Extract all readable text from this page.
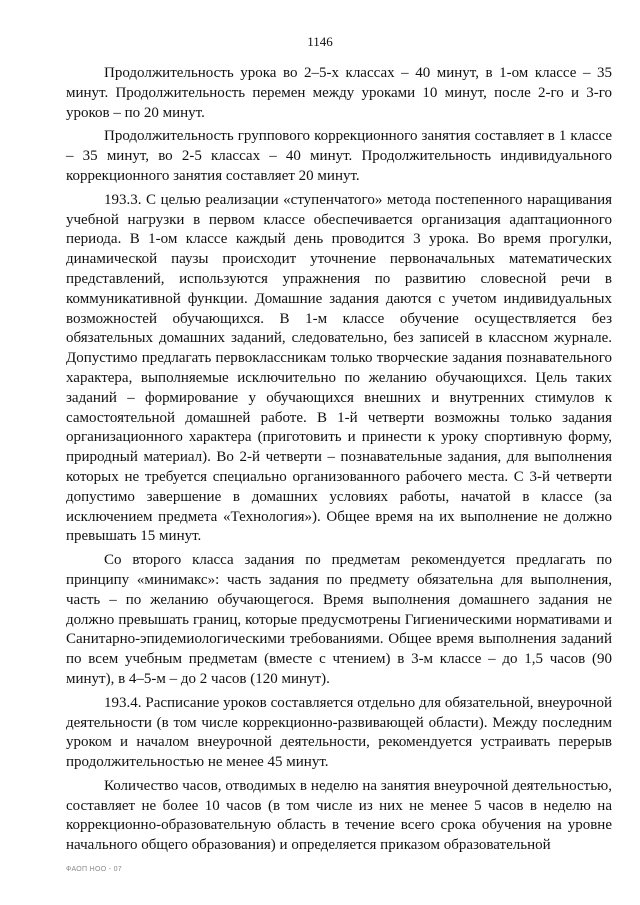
1146

Продолжительность урока во 2–5-х классах – 40 минут, в 1-ом классе – 35 минут. Продолжительность перемен между уроками 10 минут, после 2-го и 3-го уроков – по 20 минут.

Продолжительность группового коррекционного занятия составляет в 1 классе – 35 минут, во 2-5 классах – 40 минут. Продолжительность индивидуального коррекционного занятия составляет 20 минут.

193.3. С целью реализации «ступенчатого» метода постепенного наращивания учебной нагрузки в первом классе обеспечивается организация адаптационного периода. В 1-ом классе каждый день проводится 3 урока. Во время прогулки, динамической паузы происходит уточнение первоначальных математических представлений, используются упражнения по развитию словесной речи в коммуникативной функции. Домашние задания даются с учетом индивидуальных возможностей обучающихся. В 1-м классе обучение осуществляется без обязательных домашних заданий, следовательно, без записей в классном журнале. Допустимо предлагать первоклассникам только творческие задания познавательного характера, выполняемые исключительно по желанию обучающихся. Цель таких заданий – формирование у обучающихся внешних и внутренних стимулов к самостоятельной домашней работе. В 1-й четверти возможны только задания организационного характера (приготовить и принести к уроку спортивную форму, природный материал). Во 2-й четверти – познавательные задания, для выполнения которых не требуется специально организованного рабочего места. С 3-й четверти допустимо завершение в домашних условиях работы, начатой в классе (за исключением предмета «Технология»). Общее время на их выполнение не должно превышать 15 минут.

Со второго класса задания по предметам рекомендуется предлагать по принципу «минимакс»: часть задания по предмету обязательна для выполнения, часть – по желанию обучающегося. Время выполнения домашнего задания не должно превышать границ, которые предусмотрены Гигиеническими нормативами и Санитарно-эпидемиологическими требованиями. Общее время выполнения заданий по всем учебным предметам (вместе с чтением) в 3-м классе – до 1,5 часов (90 минут), в 4–5-м – до 2 часов (120 минут).

193.4. Расписание уроков составляется отдельно для обязательной, внеурочной деятельности (в том числе коррекционно-развивающей области). Между последним уроком и началом внеурочной деятельности, рекомендуется устраивать перерыв продолжительностью не менее 45 минут.

Количество часов, отводимых в неделю на занятия внеурочной деятельностью, составляет не более 10 часов (в том числе из них не менее 5 часов в неделю на коррекционно-образовательную область в течение всего срока обучения на уровне начального общего образования) и определяется приказом образовательной

ФАОП НОО - 07
